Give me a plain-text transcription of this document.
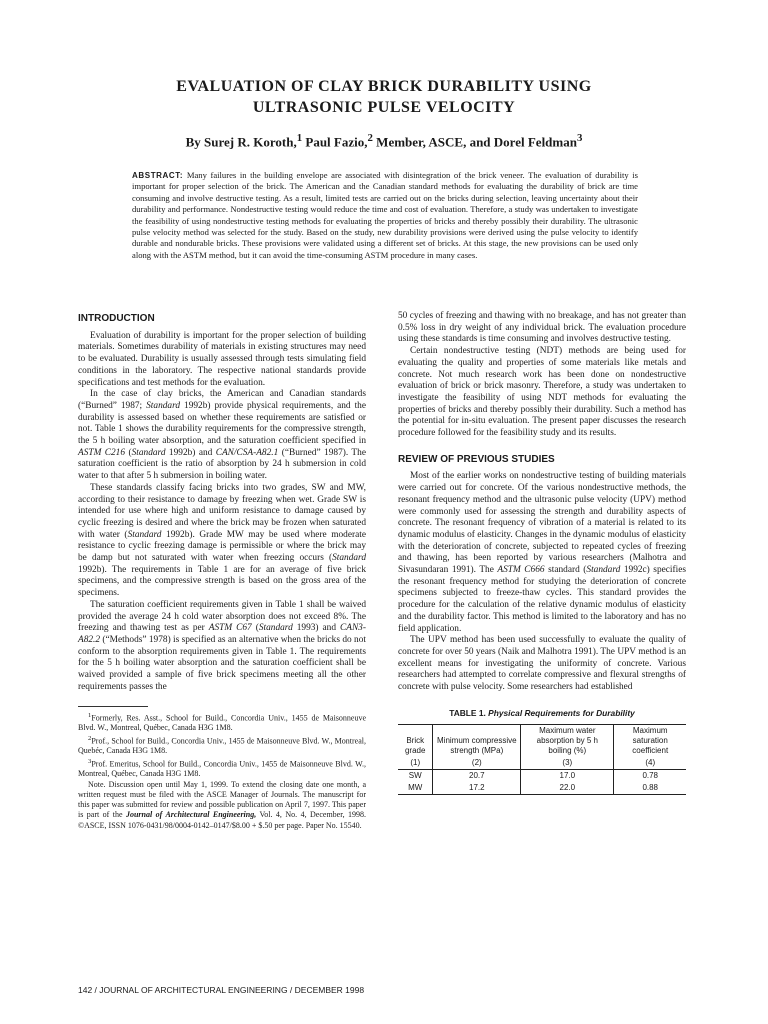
EVALUATION OF CLAY BRICK DURABILITY USING
ULTRASONIC PULSE VELOCITY
By Surej R. Koroth,$^1$ Paul Fazio,$^2$ Member, ASCE, and Dorel Feldman$^3$
ABSTRACT: Many failures in the building envelope are associated with disintegration of the brick veneer. The evaluation of durability is important for proper selection of the brick. The American and the Canadian standard methods for evaluating the durability of brick are time consuming and involve destructive testing. As a result, limited tests are carried out on the bricks during selection, leaving uncertainty about their durability and performance. Nondestructive testing would reduce the time and cost of evaluation. Therefore, a study was undertaken to investigate the feasibility of using nondestructive testing methods for evaluating the properties of bricks and thereby possibly their durability. The ultrasonic pulse velocity method was selected for the study. Based on the study, new durability provisions were derived using the pulse velocity to identify durable and nondurable bricks. These provisions were validated using a different set of bricks. At this stage, the new provisions can be used only along with the ASTM method, but it can avoid the time-consuming ASTM procedure in many cases.
INTRODUCTION

Evaluation of durability is important for the proper selection of building materials. Sometimes durability of materials in existing structures may need to be evaluated. Durability is usually assessed through tests simulating field conditions in the laboratory. The respective national standards provide specifications and test methods for the evaluation.

In the case of clay bricks, the American and Canadian standards (“Burned” 1987; Standard 1992b) provide physical requirements, and the durability is assessed based on whether these requirements are satisfied or not. Table 1 shows the durability requirements for the compressive strength, the 5 h boiling water absorption, and the saturation coefficient specified in ASTM C216 (Standard 1992b) and CAN/CSA-A82.1 (“Burned” 1987). The saturation coefficient is the ratio of absorption by 24 h submersion in cold water to that after 5 h submersion in boiling water.

These standards classify facing bricks into two grades, SW and MW, according to their resistance to damage by freezing when wet. Grade SW is intended for use where high and uniform resistance to damage caused by cyclic freezing is desired and where the brick may be frozen when saturated with water (Standard 1992b). Grade MW may be used where moderate resistance to cyclic freezing damage is permissible or where the brick may be damp but not saturated with water when freezing occurs (Standard 1992b). The requirements in Table 1 are for an average of five brick specimens, and the compressive strength is based on the gross area of the specimens.

The saturation coefficient requirements given in Table 1 shall be waived provided the average 24 h cold water absorption does not exceed 8%. The freezing and thawing test as per ASTM C67 (Standard 1993) and CAN3-A82.2 (“Methods” 1978) is specified as an alternative when the bricks do not conform to the absorption requirements given in Table 1. The requirements for the 5 h boiling water absorption and the saturation coefficient shall be waived provided a sample of five brick specimens meeting all the other requirements passes the

$^1$Formerly, Res. Asst., School for Build., Concordia Univ., 1455 de Maisonneuve Blvd. W., Montreal, Québec, Canada H3G 1M8.

$^2$Prof., School for Build., Concordia Univ., 1455 de Maisonneuve Blvd. W., Montreal, Quebéc, Canada H3G 1M8.

$^3$Prof. Emeritus, School for Build., Concordia Univ., 1455 de Maisonneuve Blvd. W., Montreal, Québec, Canada H3G 1M8.

Note. Discussion open until May 1, 1999. To extend the closing date one month, a written request must be filed with the ASCE Manager of Journals. The manuscript for this paper was submitted for review and possible publication on April 7, 1997. This paper is part of the Journal of Architectural Engineering, Vol. 4, No. 4, December, 1998. ©ASCE, ISSN 1076-0431/98/0004-0142–0147/$8.00 + $.50 per page. Paper No. 15540.

50 cycles of freezing and thawing with no breakage, and has not greater than 0.5% loss in dry weight of any individual brick. The evaluation procedure using these standards is time consuming and involves destructive testing.

Certain nondestructive testing (NDT) methods are being used for evaluating the quality and properties of some materials like metals and concrete. Not much research work has been done on nondestructive evaluation of brick or brick masonry. Therefore, a study was undertaken to investigate the feasibility of using NDT methods for evaluating the properties of bricks and thereby possibly their durability. Such a method has the potential for in-situ evaluation. The present paper discusses the research procedure followed for the feasibility study and its results.

REVIEW OF PREVIOUS STUDIES

Most of the earlier works on nondestructive testing of building materials were carried out for concrete. Of the various nondestructive methods, the resonant frequency method and the ultrasonic pulse velocity (UPV) method were commonly used for assessing the strength and durability aspects of concrete. The resonant frequency of vibration of a material is related to its dynamic modulus of elasticity. Changes in the dynamic modulus of elasticity with the deterioration of concrete, subjected to repeated cycles of freezing and thawing, has been reported by various researchers (Malhotra and Sivasundaran 1991). The ASTM C666 standard (Standard 1992c) specifies the resonant frequency method for studying the deterioration of concrete specimens subjected to freeze-thaw cycles. This standard provides the procedure for the calculation of the relative dynamic modulus of elasticity and the durability factor. This method is limited to the laboratory and has no field application.

The UPV method has been used successfully to evaluate the quality of concrete for over 50 years (Naik and Malhotra 1991). The UPV method is an excellent means for investigating the uniformity of concrete. Various researchers had attempted to correlate compressive and flexural strengths of concrete with pulse velocity. Some researchers had established

TABLE 1. Physical Requirements for Durability
Brick grade	Minimum compressive strength (MPa)	Maximum water absorption by 5 h boiling (%)	Maximum saturation coefficient
(1)	(2)	(3)	(4)
SW	20.7	17.0	0.78
MW	17.2	22.0	0.88
142 / JOURNAL OF ARCHITECTURAL ENGINEERING / DECEMBER 1998
